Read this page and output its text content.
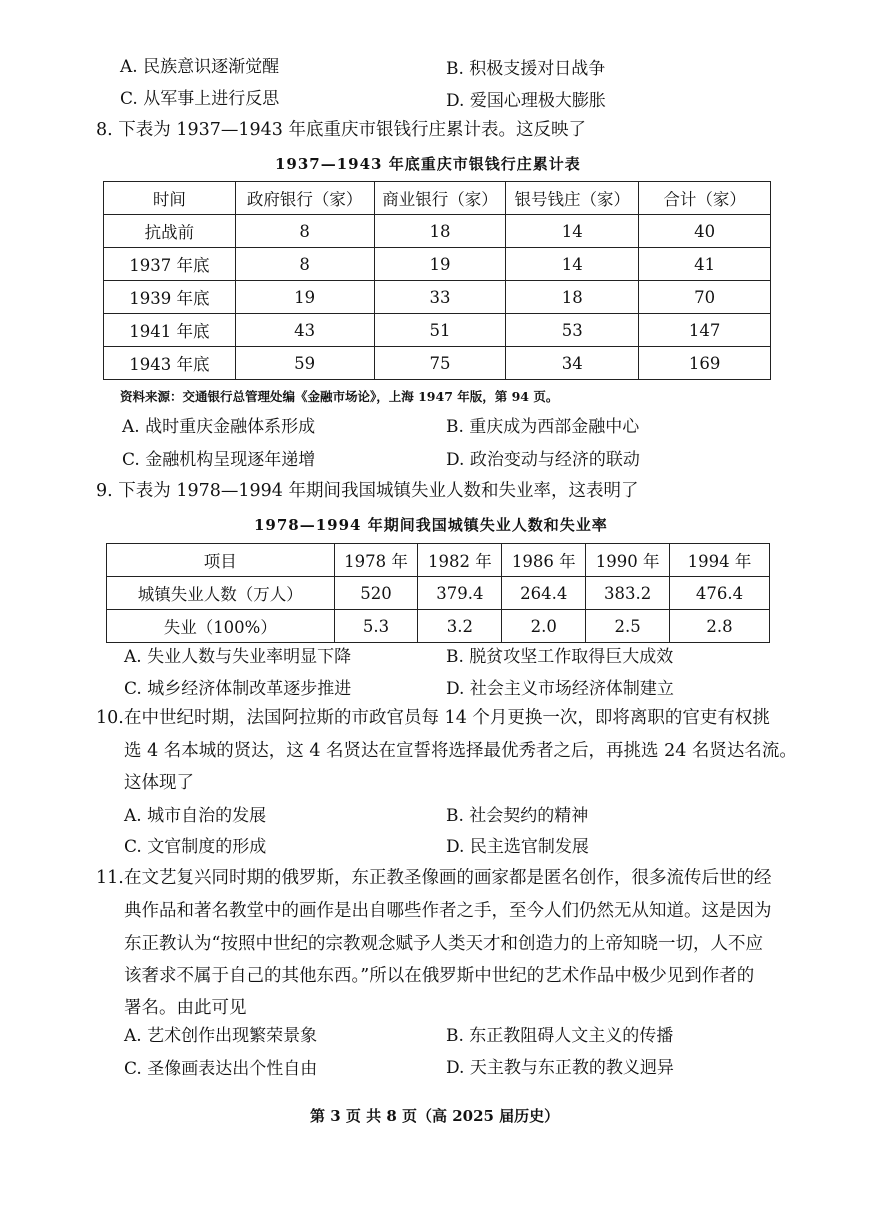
A. 民族意识逐渐觉醒	B. 积极支援对日战争
C. 从军事上进行反思	D. 爱国心理极大膨胀
8. 下表为 1937—1943 年底重庆市银钱行庄累计表。这反映了
1937—1943 年底重庆市银钱行庄累计表
时间	政府银行（家）	商业银行（家）	银号钱庄（家）	合计（家）
抗战前	8	18	14	40
1937 年底	8	19	14	41
1939 年底	19	33	18	70
1941 年底	43	51	53	147
1943 年底	59	75	34	169
资料来源：交通银行总管理处编《金融市场论》，上海 1947 年版，第 94 页。
A. 战时重庆金融体系形成	B. 重庆成为西部金融中心
C. 金融机构呈现逐年递增	D. 政治变动与经济的联动
9. 下表为 1978—1994 年期间我国城镇失业人数和失业率，这表明了
1978—1994 年期间我国城镇失业人数和失业率
项目	1978 年	1982 年	1986 年	1990 年	1994 年
城镇失业人数（万人）	520	379.4	264.4	383.2	476.4
失业（100%）	5.3	3.2	2.0	2.5	2.8
A. 失业人数与失业率明显下降	B. 脱贫攻坚工作取得巨大成效
C. 城乡经济体制改革逐步推进	D. 社会主义市场经济体制建立
10. 在中世纪时期，法国阿拉斯的市政官员每 14 个月更换一次，即将离职的官吏有权挑
选 4 名本城的贤达，这 4 名贤达在宣誓将选择最优秀者之后，再挑选 24 名贤达名流。
这体现了
A. 城市自治的发展	B. 社会契约的精神
C. 文官制度的形成	D. 民主选官制发展
11. 在文艺复兴同时期的俄罗斯，东正教圣像画的画家都是匿名创作，很多流传后世的经
典作品和著名教堂中的画作是出自哪些作者之手，至今人们仍然无从知道。这是因为
东正教认为“按照中世纪的宗教观念赋予人类天才和创造力的上帝知晓一切，人不应
该奢求不属于自己的其他东西。”所以在俄罗斯中世纪的艺术作品中极少见到作者的
署名。由此可见
A. 艺术创作出现繁荣景象	B. 东正教阻碍人文主义的传播
C. 圣像画表达出个性自由	D. 天主教与东正教的教义迥异
第 3 页 共 8 页（高 2025 届历史）
